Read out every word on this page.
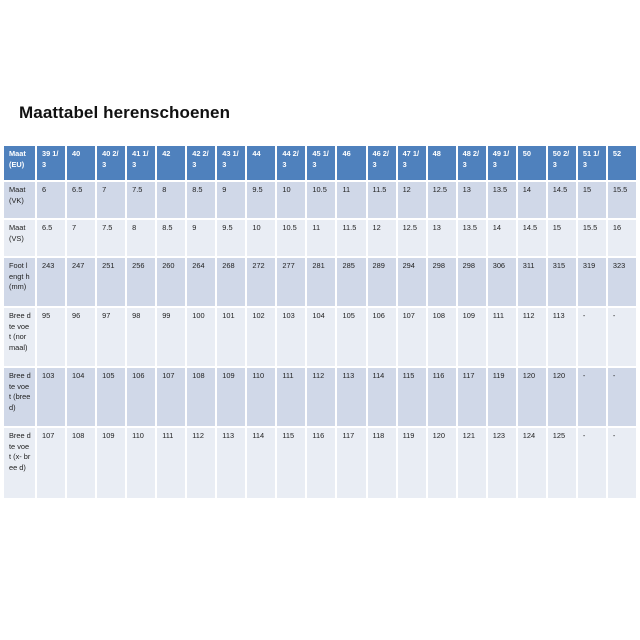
Maattabel herenschoenen
Maat (EU)	39 1/3	40	40 2/3	41 1/3	42	42 2/3	43 1/3	44	44 2/3	45 1/3	46	46 2/3	47 1/3	48	48 2/3	49 1/3	50	50 2/3	51 1/3	52
Maat (VK)	6	6.5	7	7.5	8	8.5	9	9.5	10	10.5	11	11.5	12	12.5	13	13.5	14	14.5	15	15.5
Maat (VS)	6.5	7	7.5	8	8.5	9	9.5	10	10.5	11	11.5	12	12.5	13	13.5	14	14.5	15	15.5	16
Foot lengt h (mm)	243	247	251	256	260	264	268	272	277	281	285	289	294	298	298	306	311	315	319	323
Bree dte voet (nor maal)	95	96	97	98	99	100	101	102	103	104	105	106	107	108	109	111	112	113	-	-
Bree dte voet (bree d)	103	104	105	106	107	108	109	110	111	112	113	114	115	116	117	119	120	120	-	-
Bree dte voet (x- bree d)	107	108	109	110	111	112	113	114	115	116	117	118	119	120	121	123	124	125	-	-
